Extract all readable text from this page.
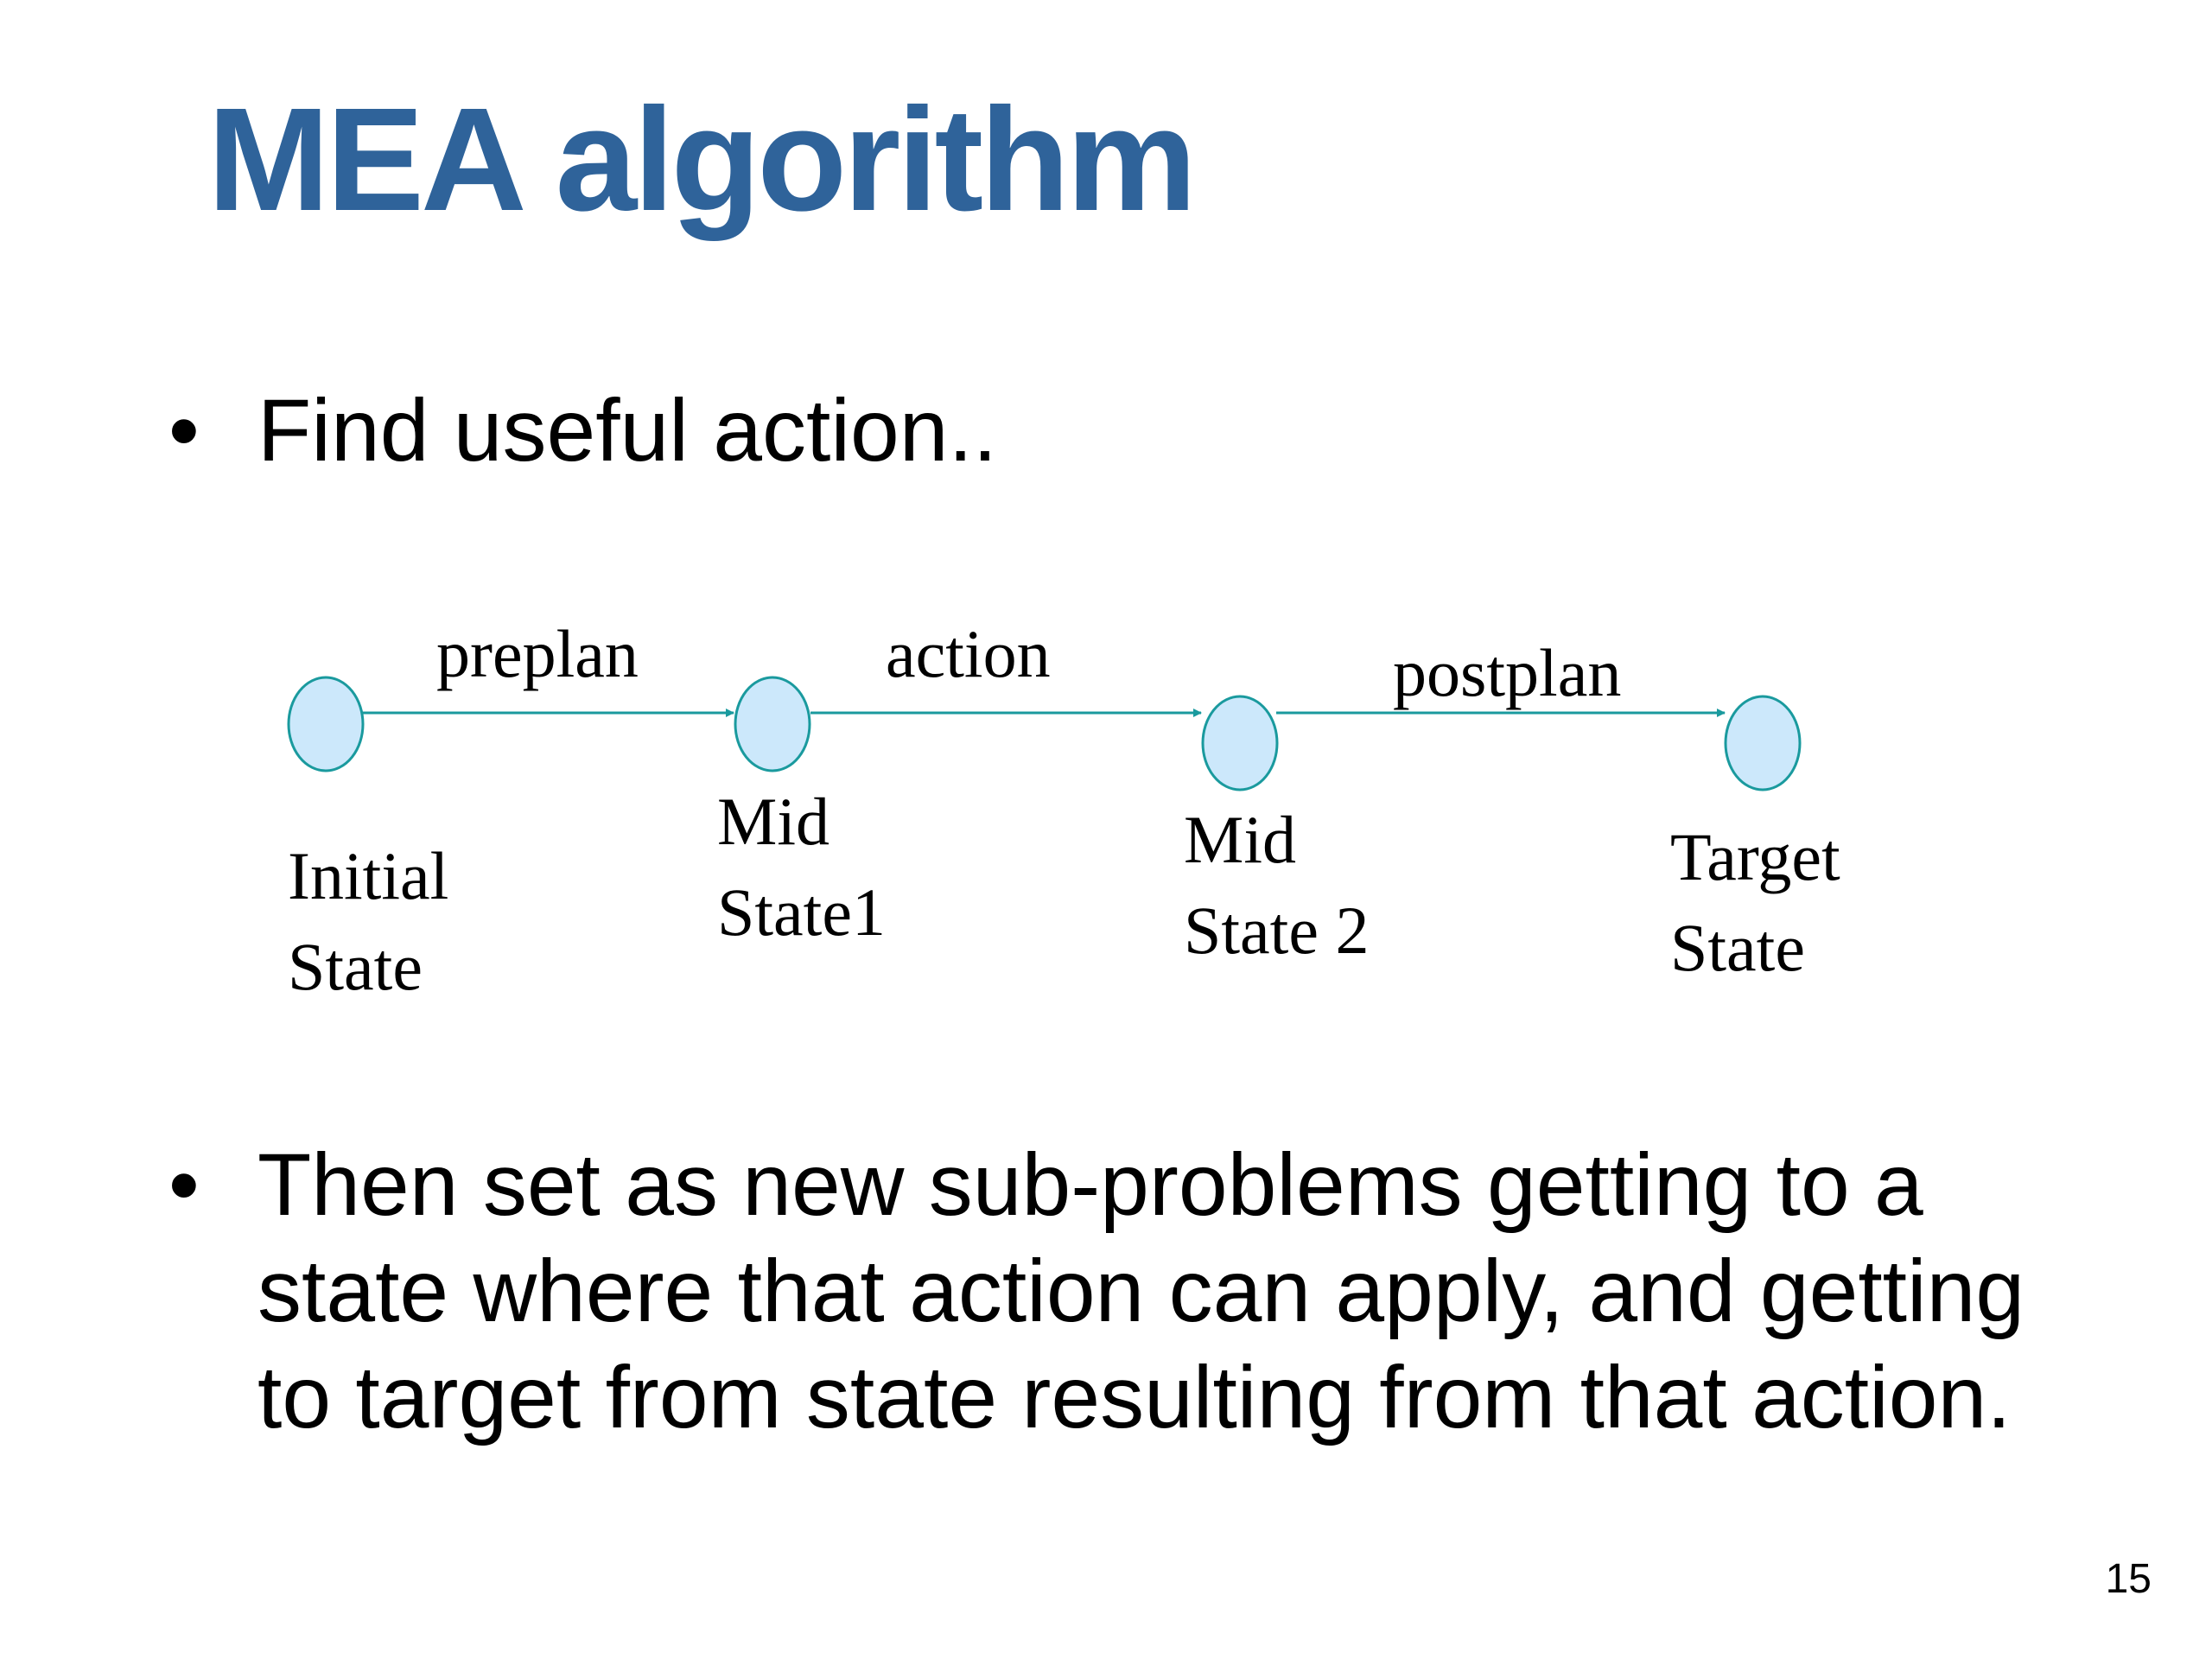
MEA algorithm
• Find useful action..
preplan	action	postplan
Initial
State
Mid
State1
Mid
State 2
Target
State
• Then set as new sub-problems getting to a state where that action can apply, and getting to target from state resulting from that action.
15
